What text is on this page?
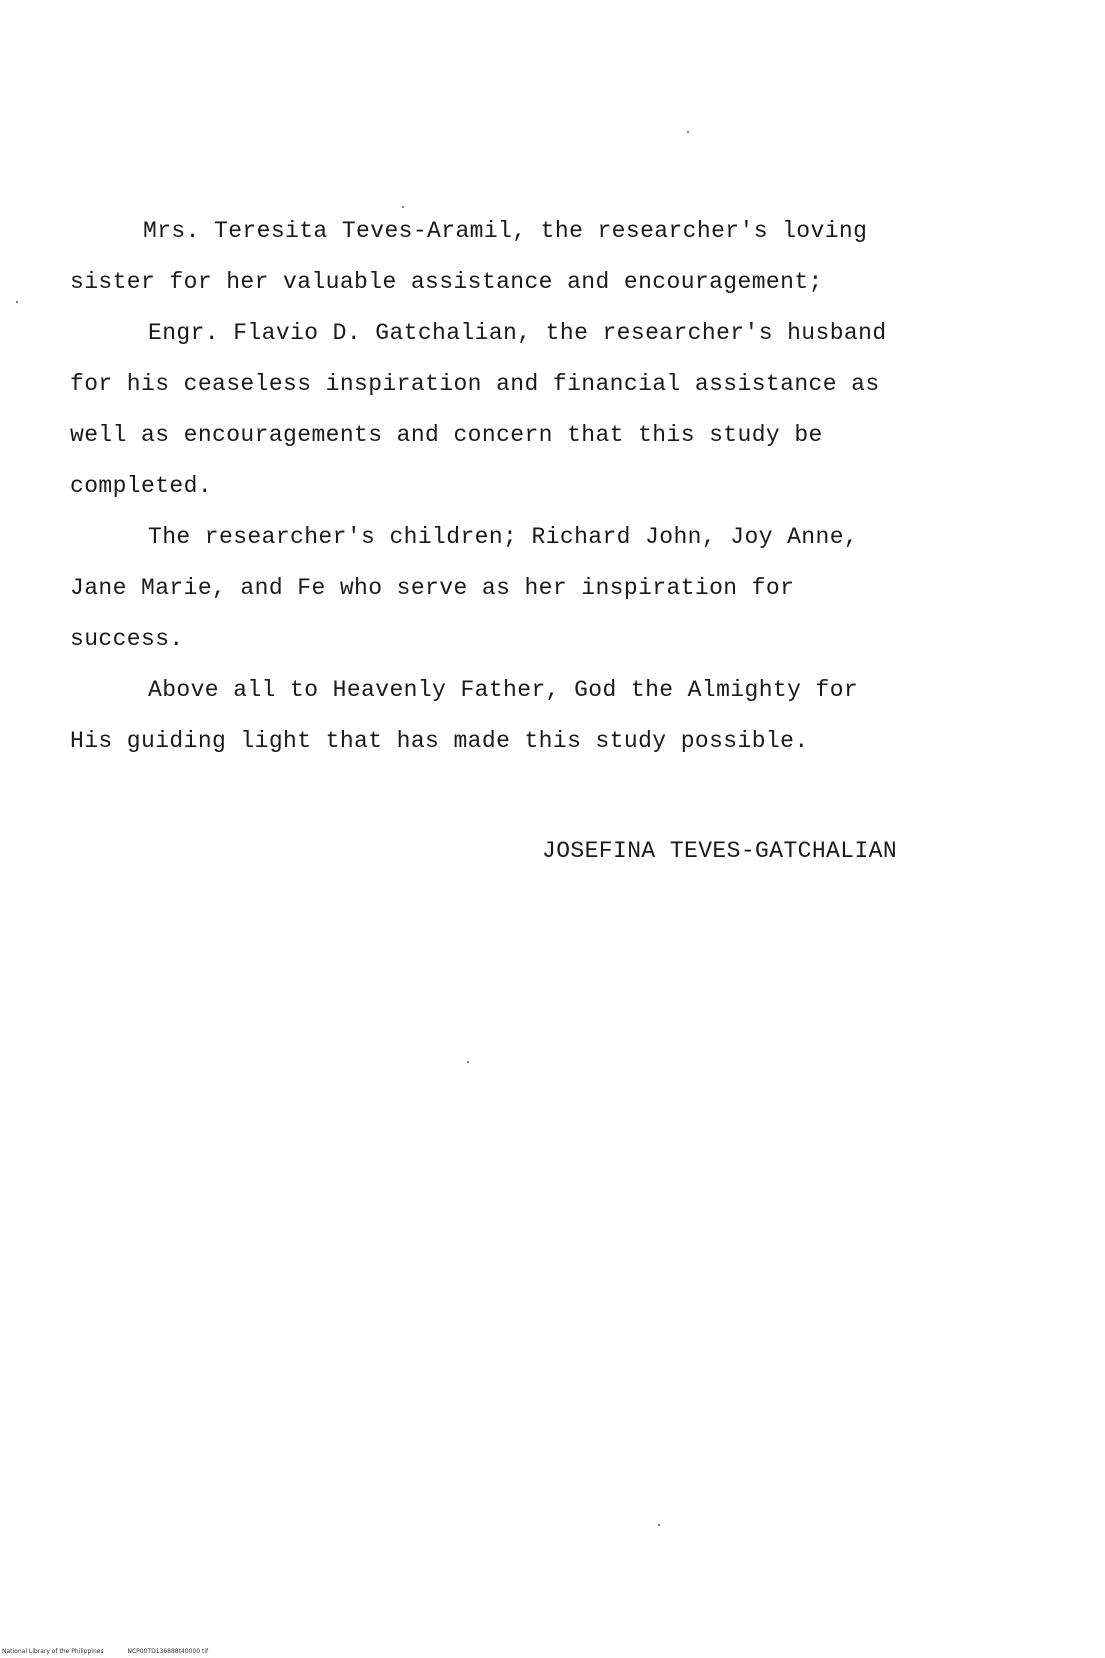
Mrs. Teresita Teves-Aramil, the researcher's loving
sister for her valuable assistance and encouragement;
Engr. Flavio D. Gatchalian, the researcher's husband
for his ceaseless inspiration and financial assistance as
well as encouragements and concern that this study be
completed.
The researcher's children; Richard John, Joy Anne,
Jane Marie, and Fe who serve as her inspiration for
success.
Above all to Heavenly Father, God the Almighty for
His guiding light that has made this study possible.
JOSEFINA TEVES-GATCHALIAN
National Library of the Philippines	NCP00TD136888t40000 tif
